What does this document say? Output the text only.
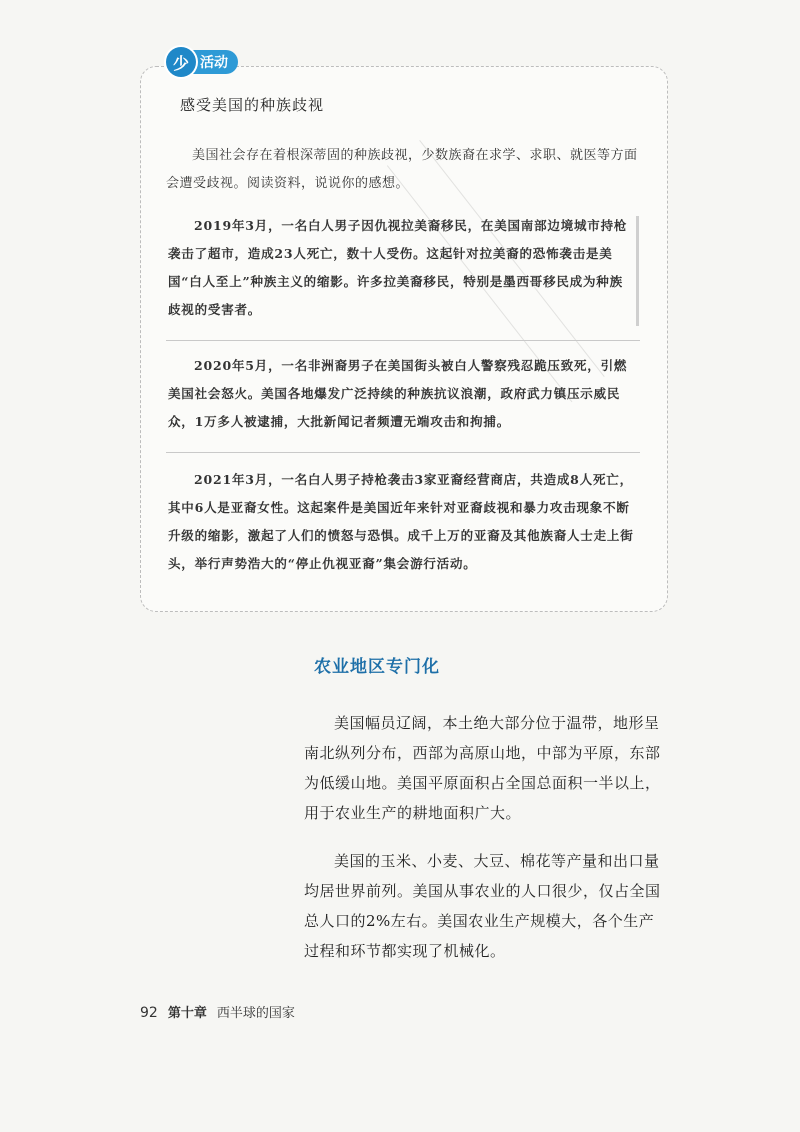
少 活动
感受美国的种族歧视
美国社会存在着根深蒂固的种族歧视，少数族裔在求学、求职、就医等方面会遭受歧视。阅读资料，说说你的感想。
2019年3月，一名白人男子因仇视拉美裔移民，在美国南部边境城市持枪袭击了超市，造成23人死亡，数十人受伤。这起针对拉美裔的恐怖袭击是美国“白人至上”种族主义的缩影。许多拉美裔移民，特别是墨西哥移民成为种族歧视的受害者。
2020年5月，一名非洲裔男子在美国街头被白人警察残忍跪压致死，引燃美国社会怒火。美国各地爆发广泛持续的种族抗议浪潮，政府武力镇压示威民众，1万多人被逮捕，大批新闻记者频遭无端攻击和拘捕。
2021年3月，一名白人男子持枪袭击3家亚裔经营商店，共造成8人死亡，其中6人是亚裔女性。这起案件是美国近年来针对亚裔歧视和暴力攻击现象不断升级的缩影，激起了人们的愤怒与恐惧。成千上万的亚裔及其他族裔人士走上街头，举行声势浩大的“停止仇视亚裔”集会游行活动。
农业地区专门化
美国幅员辽阔，本土绝大部分位于温带，地形呈南北纵列分布，西部为高原山地，中部为平原，东部为低缓山地。美国平原面积占全国总面积一半以上，用于农业生产的耕地面积广大。
美国的玉米、小麦、大豆、棉花等产量和出口量均居世界前列。美国从事农业的人口很少，仅占全国总人口的2%左右。美国农业生产规模大，各个生产过程和环节都实现了机械化。
92 第十章 西半球的国家
